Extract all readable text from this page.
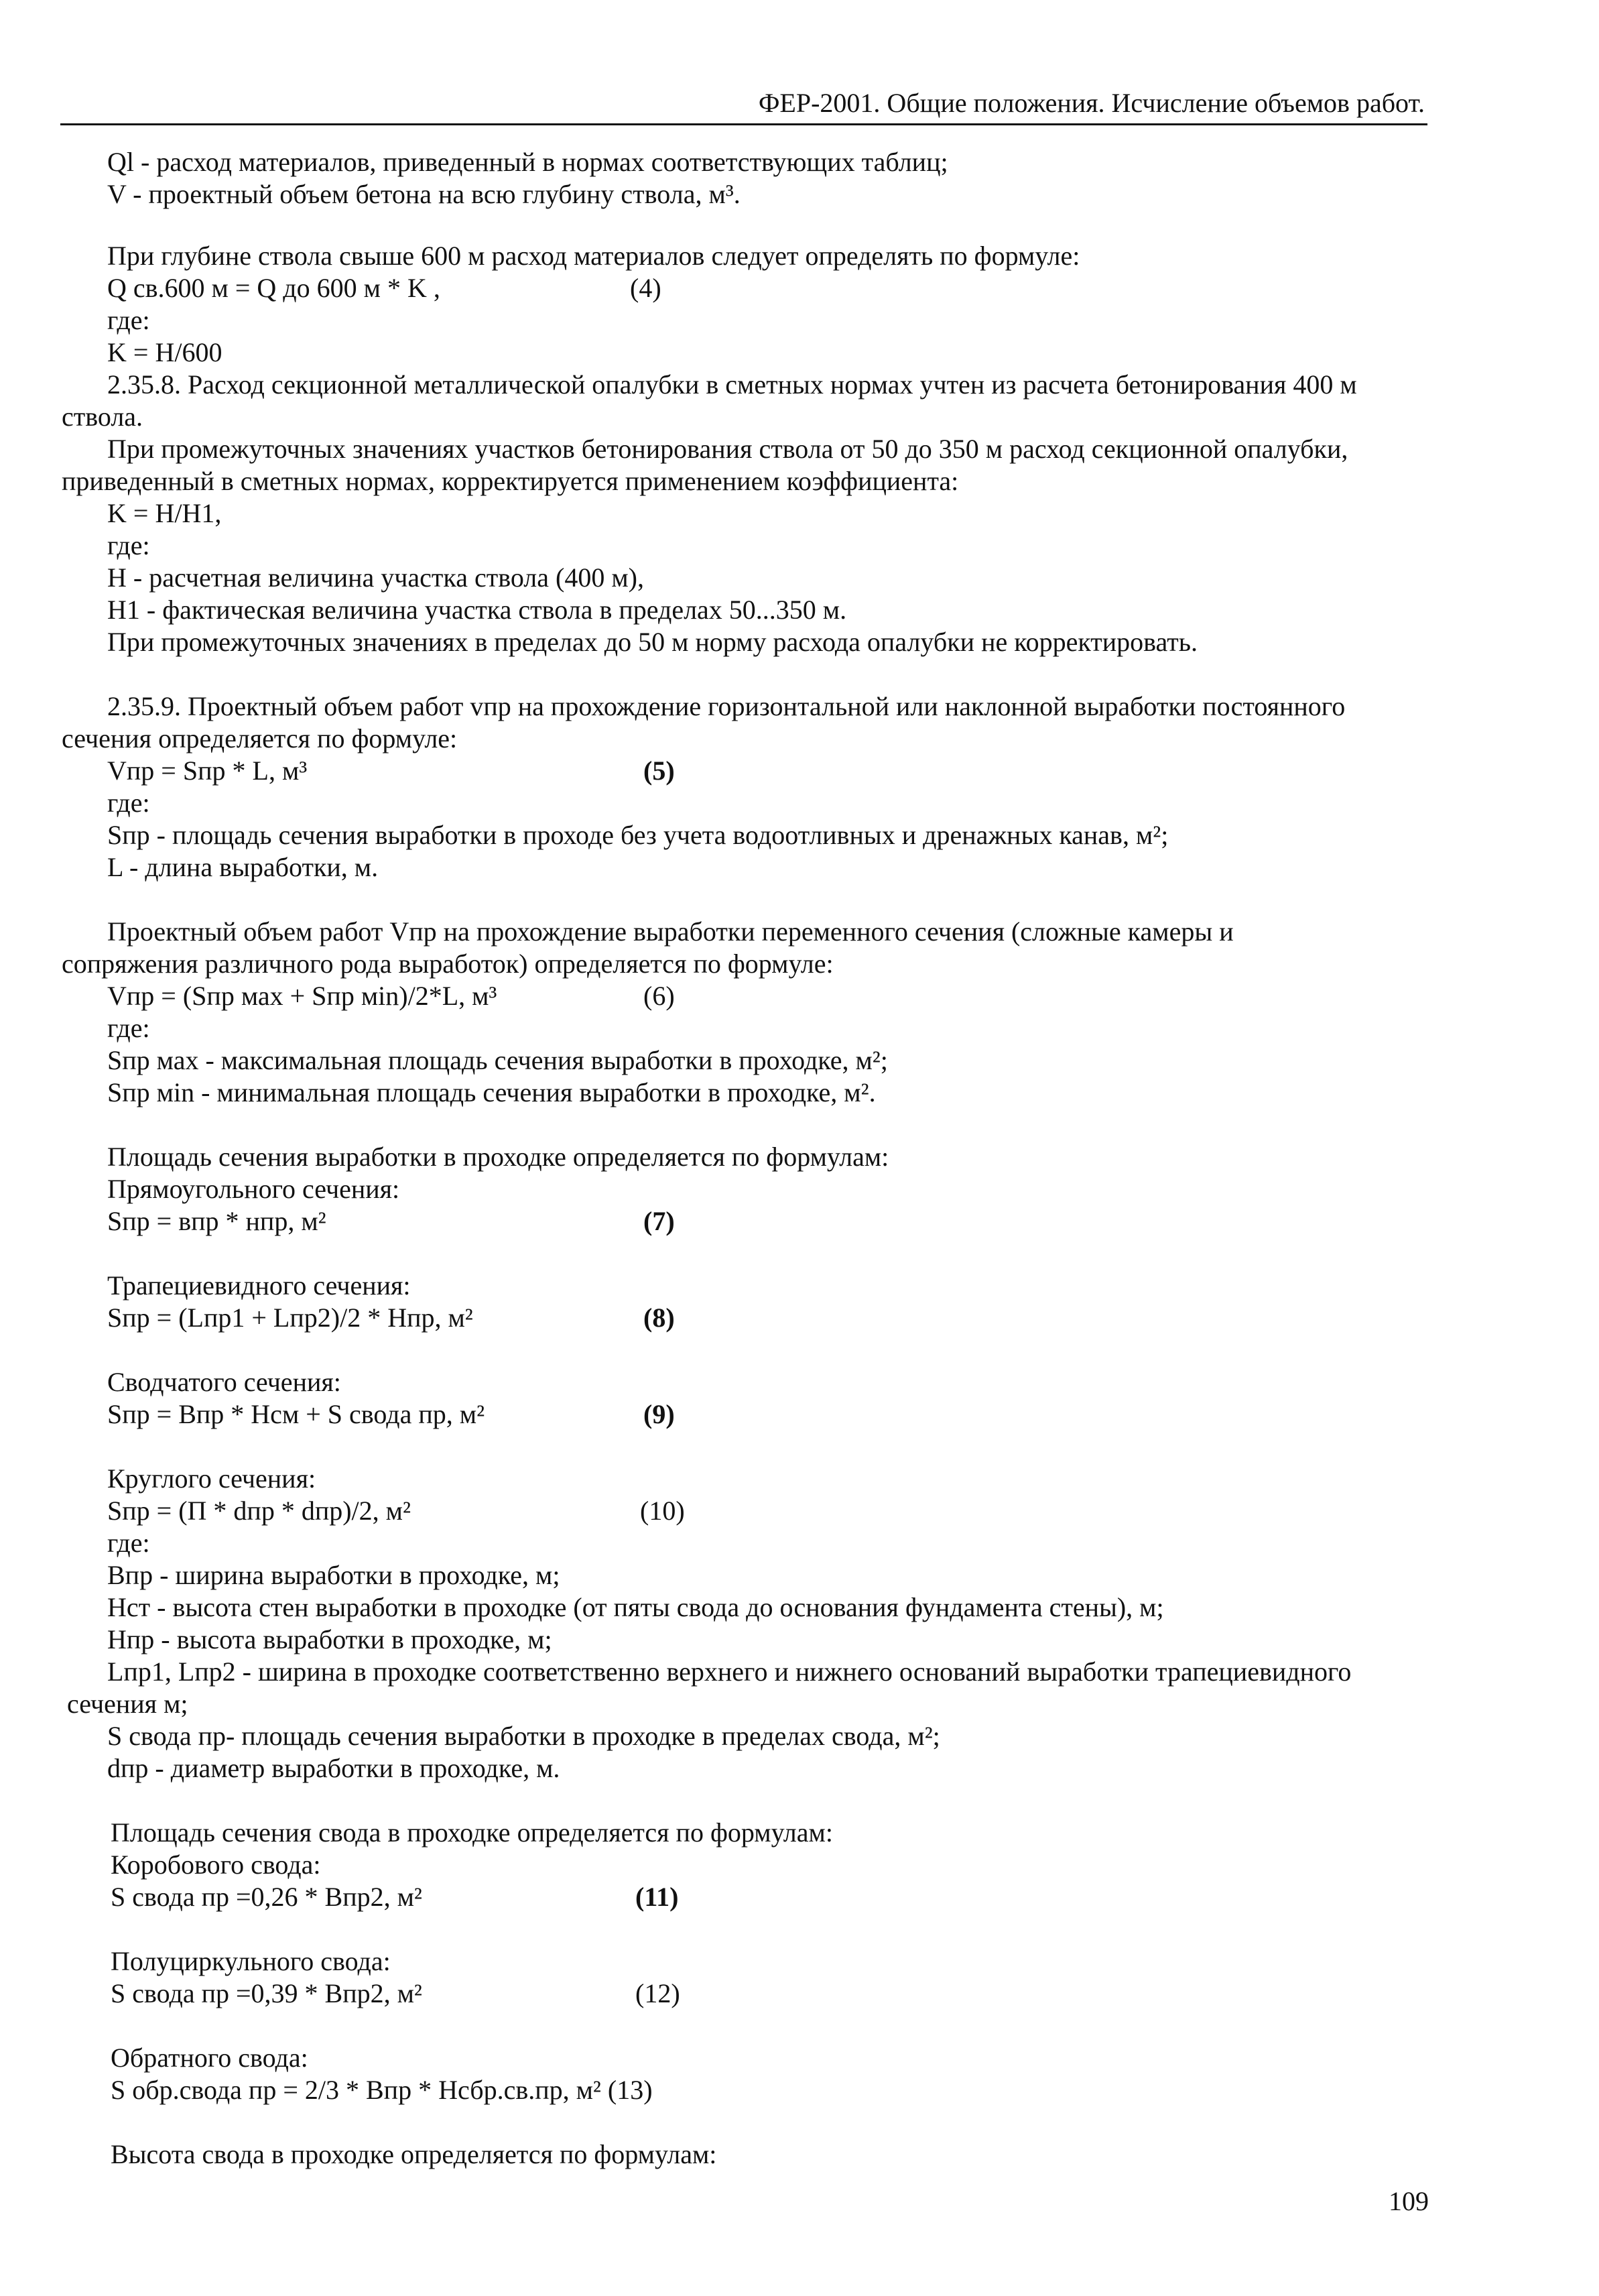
ФЕР-2001. Общие положения. Исчисление объемов работ.
Ql - расход материалов, приведенный в нормах соответствующих таблиц;
V - проектный объем бетона на всю глубину ствола, м³.
При глубине ствола свыше 600 м расход материалов следует определять по формуле:
Q св.600 м = Q до 600 м * K ,	(4)
где:
K = H/600
2.35.8. Расход секционной металлической опалубки в сметных нормах учтен из расчета бетонирования 400 м
ствола.
При промежуточных значениях участков бетонирования ствола от 50 до 350 м расход секционной опалубки,
приведенный в сметных нормах, корректируется применением коэффициента:
K = H/H1,
где:
H - расчетная величина участка ствола (400 м),
H1 - фактическая величина участка ствола в пределах 50...350 м.
При промежуточных значениях в пределах до 50 м норму расхода опалубки не корректировать.
2.35.9. Проектный объем работ vпр на прохождение горизонтальной или наклонной выработки постоянного
сечения определяется по формуле:
Vпр = Sпр * L, м³	(5)
где:
Sпр - площадь сечения выработки в проходе без учета водоотливных и дренажных канав, м²;
L - длина выработки, м.
Проектный объем работ Vпр на прохождение выработки переменного сечения (сложные камеры и
сопряжения различного рода выработок) определяется по формуле:
Vпр = (Sпр мах + Sпр мin)/2*L, м³	(6)
где:
Sпр мах - максимальная площадь сечения выработки в проходке, м²;
Sпр мin - минимальная площадь сечения выработки в проходке, м².
Площадь сечения выработки в проходке определяется по формулам:
Прямоугольного сечения:
Sпр = впр * нпр, м²	(7)
Трапециевидного сечения:
Sпр = (Lпр1 + Lпр2)/2 * Hпр, м²	(8)
Сводчатого сечения:
Sпр = Bпр * Hсм + S свода пр, м²	(9)
Круглого сечения:
Sпр = (П * dпр * dпр)/2, м²	(10)
где:
Bпр - ширина выработки в проходке, м;
Hст - высота стен выработки в проходке (от пяты свода до основания фундамента стены), м;
Hпр - высота выработки в проходке, м;
Lпр1, Lпр2 - ширина в проходке соответственно верхнего и нижнего оснований выработки трапециевидного
сечения м;
S свода пр- площадь сечения выработки в проходке в пределах свода, м²;
dпр - диаметр выработки в проходке, м.
Площадь сечения свода в проходке определяется по формулам:
Коробового свода:
S свода пр =0,26 * Bпр2, м²	(11)
Полуциркульного свода:
S свода пр =0,39 * Bпр2, м²	(12)
Обратного свода:
S обр.свода пр = 2/3 * Bпр * Hсбр.св.пр, м² (13)
Высота свода в проходке определяется по формулам:
109
